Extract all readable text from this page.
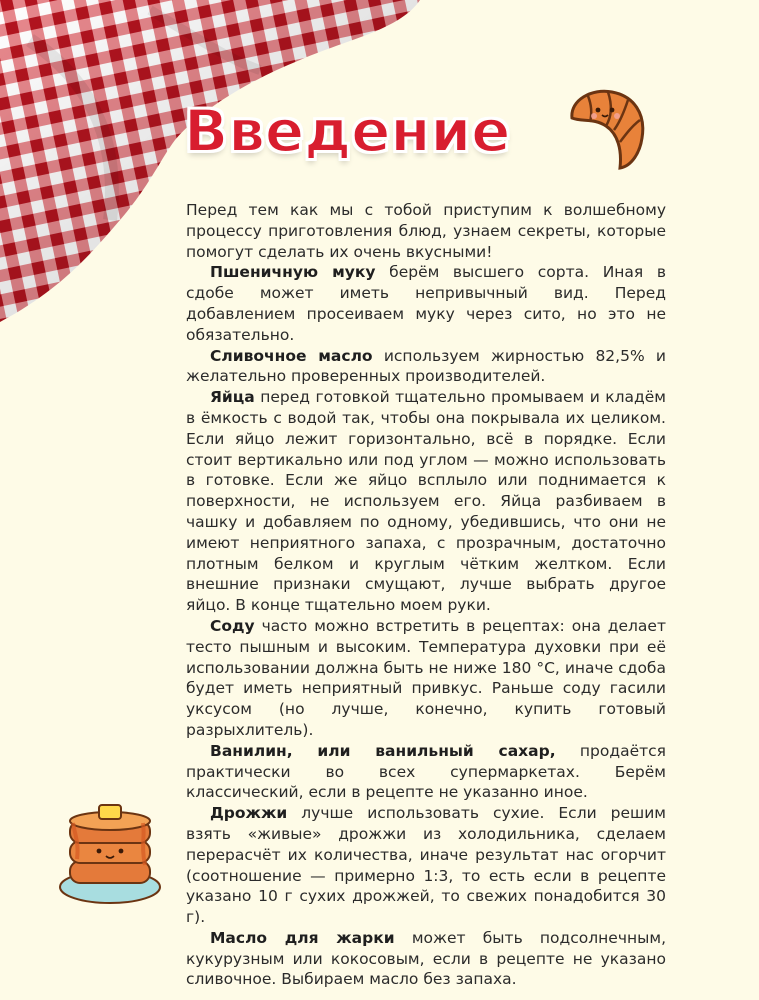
Введение

Перед тем как мы с тобой приступим к волшебному процессу приготовления блюд, узнаем секреты, которые помогут сделать их очень вкусными!

Пшеничную муку берём высшего сорта. Иная в сдобе может иметь непривычный вид. Перед добавлением просеиваем муку через сито, но это не обязательно.

Сливочное масло используем жирностью 82,5% и желательно проверенных производителей.

Яйца перед готовкой тщательно промываем и кладём в ёмкость с водой так, чтобы она покрывала их целиком. Если яйцо лежит горизонтально, всё в порядке. Если стоит вертикально или под углом — можно использовать в готовке. Если же яйцо всплыло или поднимается к поверхности, не используем его. Яйца разбиваем в чашку и добавляем по одному, убедившись, что они не имеют неприятного запаха, с прозрачным, достаточно плотным белком и круглым чётким желтком. Если внешние признаки смущают, лучше выбрать другое яйцо. В конце тщательно моем руки.

Соду часто можно встретить в рецептах: она делает тесто пышным и высоким. Температура духовки при её использовании должна быть не ниже 180 °С, иначе сдоба будет иметь неприятный привкус. Раньше соду гасили уксусом (но лучше, конечно, купить готовый разрыхлитель).

Ванилин, или ванильный сахар, продаётся практически во всех супермаркетах. Берём классический, если в рецепте не указанно иное.

Дрожжи лучше использовать сухие. Если решим взять «живые» дрожжи из холодильника, сделаем перерасчёт их количества, иначе результат нас огорчит (соотношение — примерно 1:3, то есть если в рецепте указано 10 г сухих дрожжей, то свежих понадобится 30 г).

Масло для жарки может быть подсолнечным, кукурузным или кокосовым, если в рецепте не указано сливочное. Выбираем масло без запаха.
